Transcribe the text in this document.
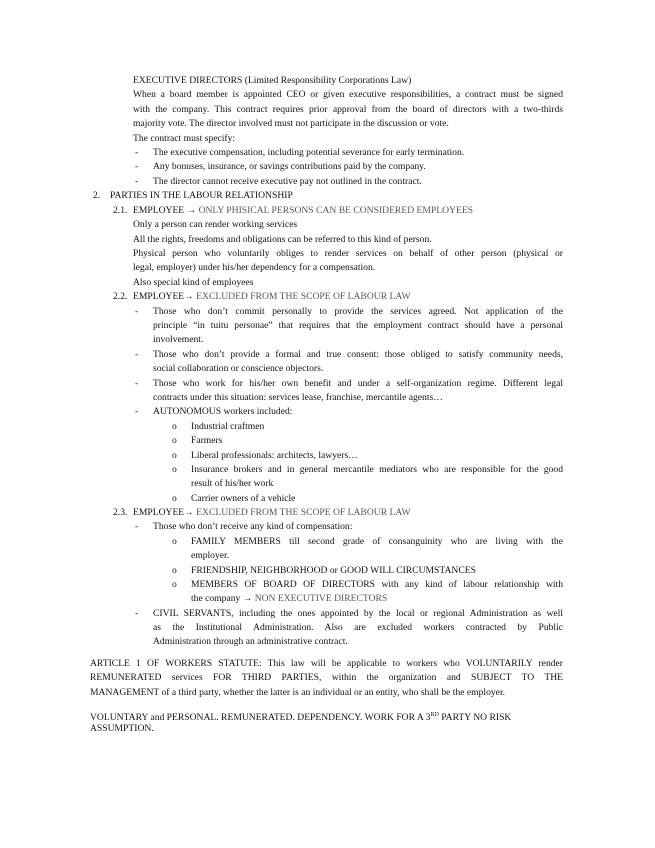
EXECUTIVE DIRECTORS (Limited Responsibility Corporations Law)
When a board member is appointed CEO or given executive responsibilities, a contract must be signed
with the company. This contract requires prior approval from the board of directors with a two-thirds
majority vote. The director involved must not participate in the discussion or vote.
The contract must specify:
- The executive compensation, including potential severance for early termination.
- Any bonuses, insurance, or savings contributions paid by the company.
- The director cannot receive executive pay not outlined in the contract.
2. PARTIES IN THE LABOUR RELATIONSHIP
2.1. EMPLOYEE → ONLY PHISICAL PERSONS CAN BE CONSIDERED EMPLOYEES
Only a person can render working services
All the rights, freedoms and obligations can be referred to this kind of person.
Physical person who voluntarily obliges to render services on behalf of other person (physical or
legal, employer) under his/her dependency for a compensation.
Also special kind of employees
2.2. EMPLOYEE→ EXCLUDED FROM THE SCOPE OF LABOUR LAW
- Those who don’t commit personally to provide the services agreed. Not application of the
principle “in tuitu personae” that requires that the employment contract should have a personal
involvement.
- Those who don’t provide a formal and true consent: those obliged to satisfy community needs,
social collaboration or conscience objectors.
- Those who work for his/her own benefit and under a self-organization regime. Different legal
contracts under this situation: services lease, franchise, mercantile agents…
- AUTONOMOUS workers included:
o Industrial craftmen
o Farmers
o Liberal professionals: architects, lawyers…
o Insurance brokers and in general mercantile mediators who are responsible for the good
result of his/her work
o Carrier owners of a vehicle
2.3. EMPLOYEE→ EXCLUDED FROM THE SCOPE OF LABOUR LAW
- Those who don’t receive any kind of compensation:
o FAMILY MEMBERS till second grade of consanguinity who are living with the
employer.
o FRIENDSHIP, NEIGHBORHOOD or GOOD WILL CIRCUMSTANCES
o MEMBERS OF BOARD OF DIRECTORS with any kind of labour relationship with
the company → NON EXECUTIVE DIRECTORS
- CIVIL SERVANTS, including the ones appointed by the local or regional Administration as well
as the Institutional Administration. Also are excluded workers contracted by Public
Administration through an administrative contract.
ARTICLE 1 OF WORKERS STATUTE: This law will be applicable to workers who VOLUNTARILY render
REMUNERATED services FOR THIRD PARTIES, within the organization and SUBJECT TO THE
MANAGEMENT of a third party, whether the latter is an individual or an entity, who shall be the employer.
VOLUNTARY and PERSONAL. REMUNERATED. DEPENDENCY. WORK FOR A 3RD PARTY NO RISK
ASSUMPTION.
